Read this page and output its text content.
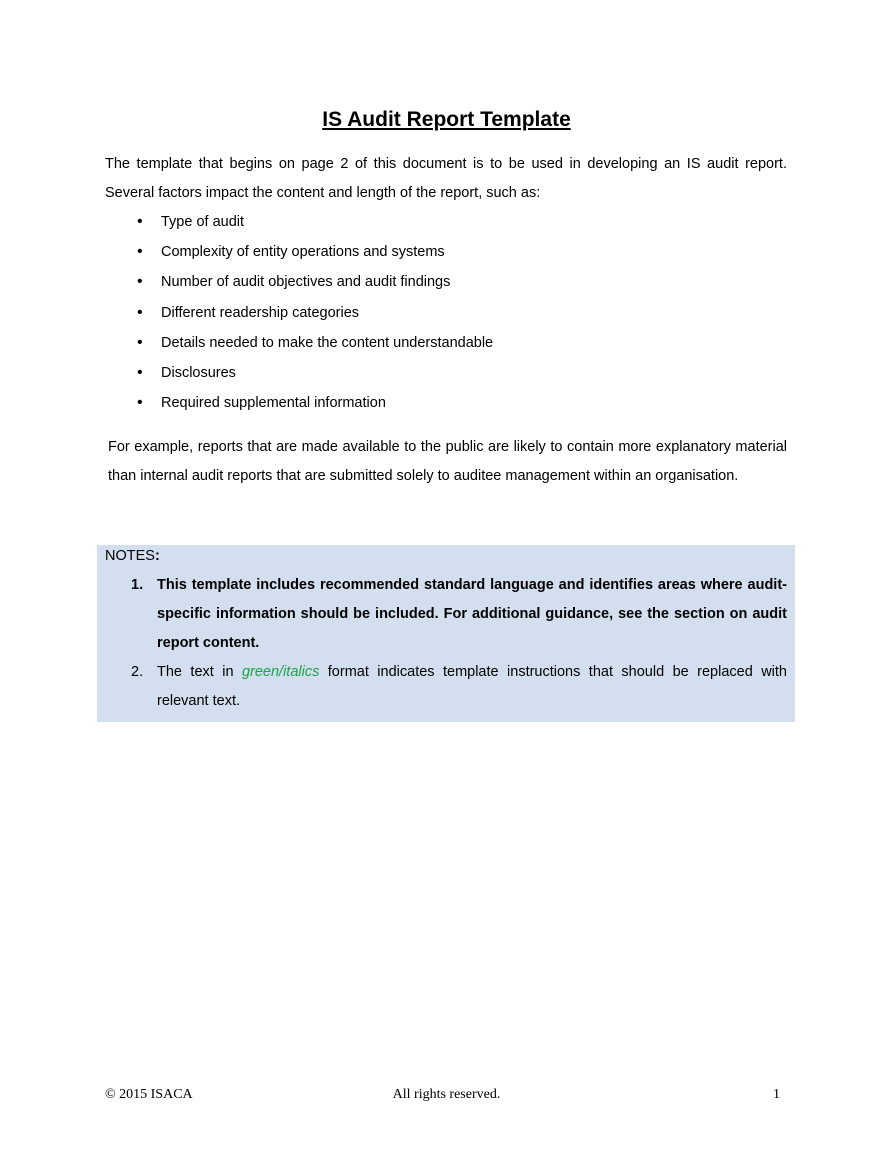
IS Audit Report Template
The template that begins on page 2 of this document is to be used in developing an IS audit report. Several factors impact the content and length of the report, such as:
• Type of audit
• Complexity of entity operations and systems
• Number of audit objectives and audit findings
• Different readership categories
• Details needed to make the content understandable
• Disclosures
• Required supplemental information
For example, reports that are made available to the public are likely to contain more explanatory material than internal audit reports that are submitted solely to auditee management within an organisation.
NOTES:
1. This template includes recommended standard language and identifies areas where audit-specific information should be included. For additional guidance, see the section on audit report content.
2. The text in green/italics format indicates template instructions that should be replaced with relevant text.
© 2015 ISACA	All rights reserved.	1
